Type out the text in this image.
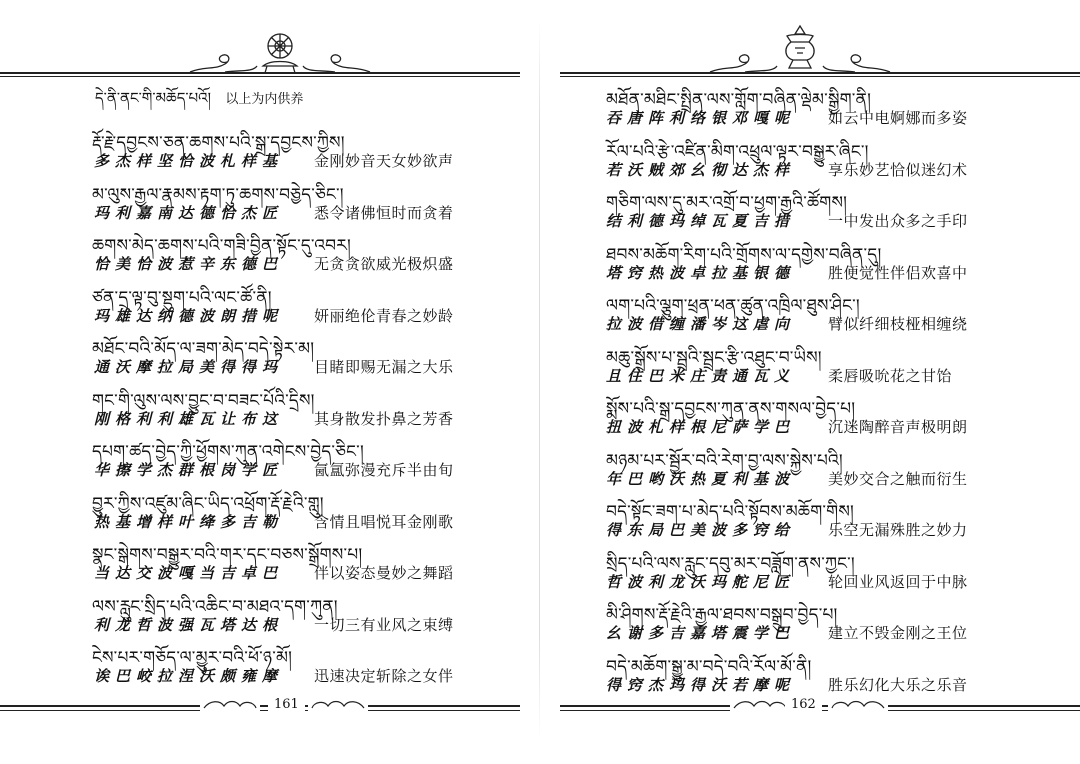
དེ་ནི་ནང་གི་མཆོད་པའོ། 以上为内供养
རྡོ་རྗེ་དབྱངས་ཅན་ཆགས་པའི་སྒྲ་དབྱངས་ཀྱིས།
多杰样坚恰波札样基 金刚妙音天女妙欲声
མ་ལུས་རྒྱལ་རྣམས་རྟག་ཏུ་ཆགས་བཅྱེད་ཅིང་།
玛利嘉南达德恰杰匠 悉令诸佛恒时而贪着
ཆགས་མེད་ཆགས་པའི་གཟི་བྱིན་སྟོང་དུ་འབར།
恰美恰波惹辛东德巴 无贪贪欲威光极炽盛
ཙན་དྲ་ལྟ་བུ་སྡུག་པའི་ལང་ཚོ་ནི།
玛雄达纳德波朗措呢 妍丽绝伦青春之妙龄
མཐོང་བའི་མོད་ལ་ཟག་མེད་བདེ་སྟེར་མ།
通沃摩拉局美得得玛 目睹即赐无漏之大乐
གང་གི་ལུས་ལས་བྱུང་བ་བཟང་པོའི་དྲིས།
刚格利利雄瓦让布这 其身散发扑鼻之芳香
དཔག་ཚད་བྱེད་ཀྱི་ཕྱོགས་ཀུན་འགེངས་བྱེད་ཅིང་།
华擦学杰群根岗学匠 氤氲弥漫充斥半由旬
བྱུར་ཀྱིས་འཛུམ་ཞིང་ཡིད་འཕྲོག་རྡོ་རྗེའི་གླུ།
热基增样叶绛多吉勒 含情且唱悦耳金刚歌
སྣང་སྒེགས་བསྒྱུར་བའི་གར་དང་བཅས་སྒྲོགས་པ།
当达交波嘎当吉卓巴 伴以姿态曼妙之舞蹈
ལས་རླུང་སྲིད་པའི་འཆིང་བ་མཐའ་དག་ཀུན།
利龙哲波强瓦塔达根 一切三有业风之束缚
ངེས་པར་གཅོད་ལ་མྱུར་བའི་ཕོ་ཉ་མོ།
诶巴峧拉涅沃颇雍摩 迅速决定斩除之女伴
161
མཐོན་མཐིང་སྤྲིན་ལས་གློག་བཞིན་ལྡེམ་སྒྱིག་ནི།
吞唐阵利络银邓嘎呢 如云中电婀娜而多姿
རོལ་པའི་རྩེ་འཛིན་མིག་འཕྲུལ་ལྟར་བསྒྱུར་ཞིང་།
若沃贼郊幺彻达杰样 享乐妙艺恰似迷幻术
གཅིག་ལས་དུ་མར་འགྲོ་བ་ཕྱག་རྒྱའི་ཚོགས།
结利德玛绰瓦夏吉措 一中发出众多之手印
ཐབས་མཆོག་རིག་པའི་གྲོགས་ལ་དགྱེས་བཞིན་དུ།
塔窍热波卓拉基银德 胜便觉性伴侣欢喜中
ལག་པའི་ལྕུག་ཕྲན་ཕན་ཚུན་འཁྲིལ་ཐུས་ཤིང་།
拉波借缠潘岑这虐向 臂似纤细枝桠相缠绕
མཆུ་སྒྲོས་པ་སྦྲའི་སྦྲང་རྩི་འཐུང་བ་ཡིས།
且住巴米庄责通瓦义 柔唇吸吮花之甘饴
སྨོས་པའི་སྒྲ་དབྱངས་ཀུན་ནས་གསལ་བྱེད་པ།
扭波札样根尼萨学巴 沉迷陶醉音声极明朗
མཉམ་པར་སྦྱོར་བའི་རེག་བྱ་ལས་སྐྱེས་པའི།
年巴哟沃热夏利基波 美妙交合之触而衍生
བདེ་སྟོང་ཟག་པ་མེད་པའི་སྟོབས་མཆོག་གིས།
得东局巴美波多窍给 乐空无漏殊胜之妙力
སྲིད་པའི་ལས་རླུང་དབུ་མར་བཟློག་ནས་ཀྱང་།
哲波利龙沃玛舵尼匠 轮回业风返回于中脉
མི་ཤིགས་རྡོ་རྗེའི་རྒྱལ་ཐབས་བསྒྲུབ་བྱེད་པ།
幺谢多吉嘉塔震学巴 建立不毁金刚之王位
བདེ་མཆོག་སྒྱུ་མ་བདེ་བའི་རོལ་མོ་ནི།
得窍杰玛得沃若摩呢 胜乐幻化大乐之乐音
162
